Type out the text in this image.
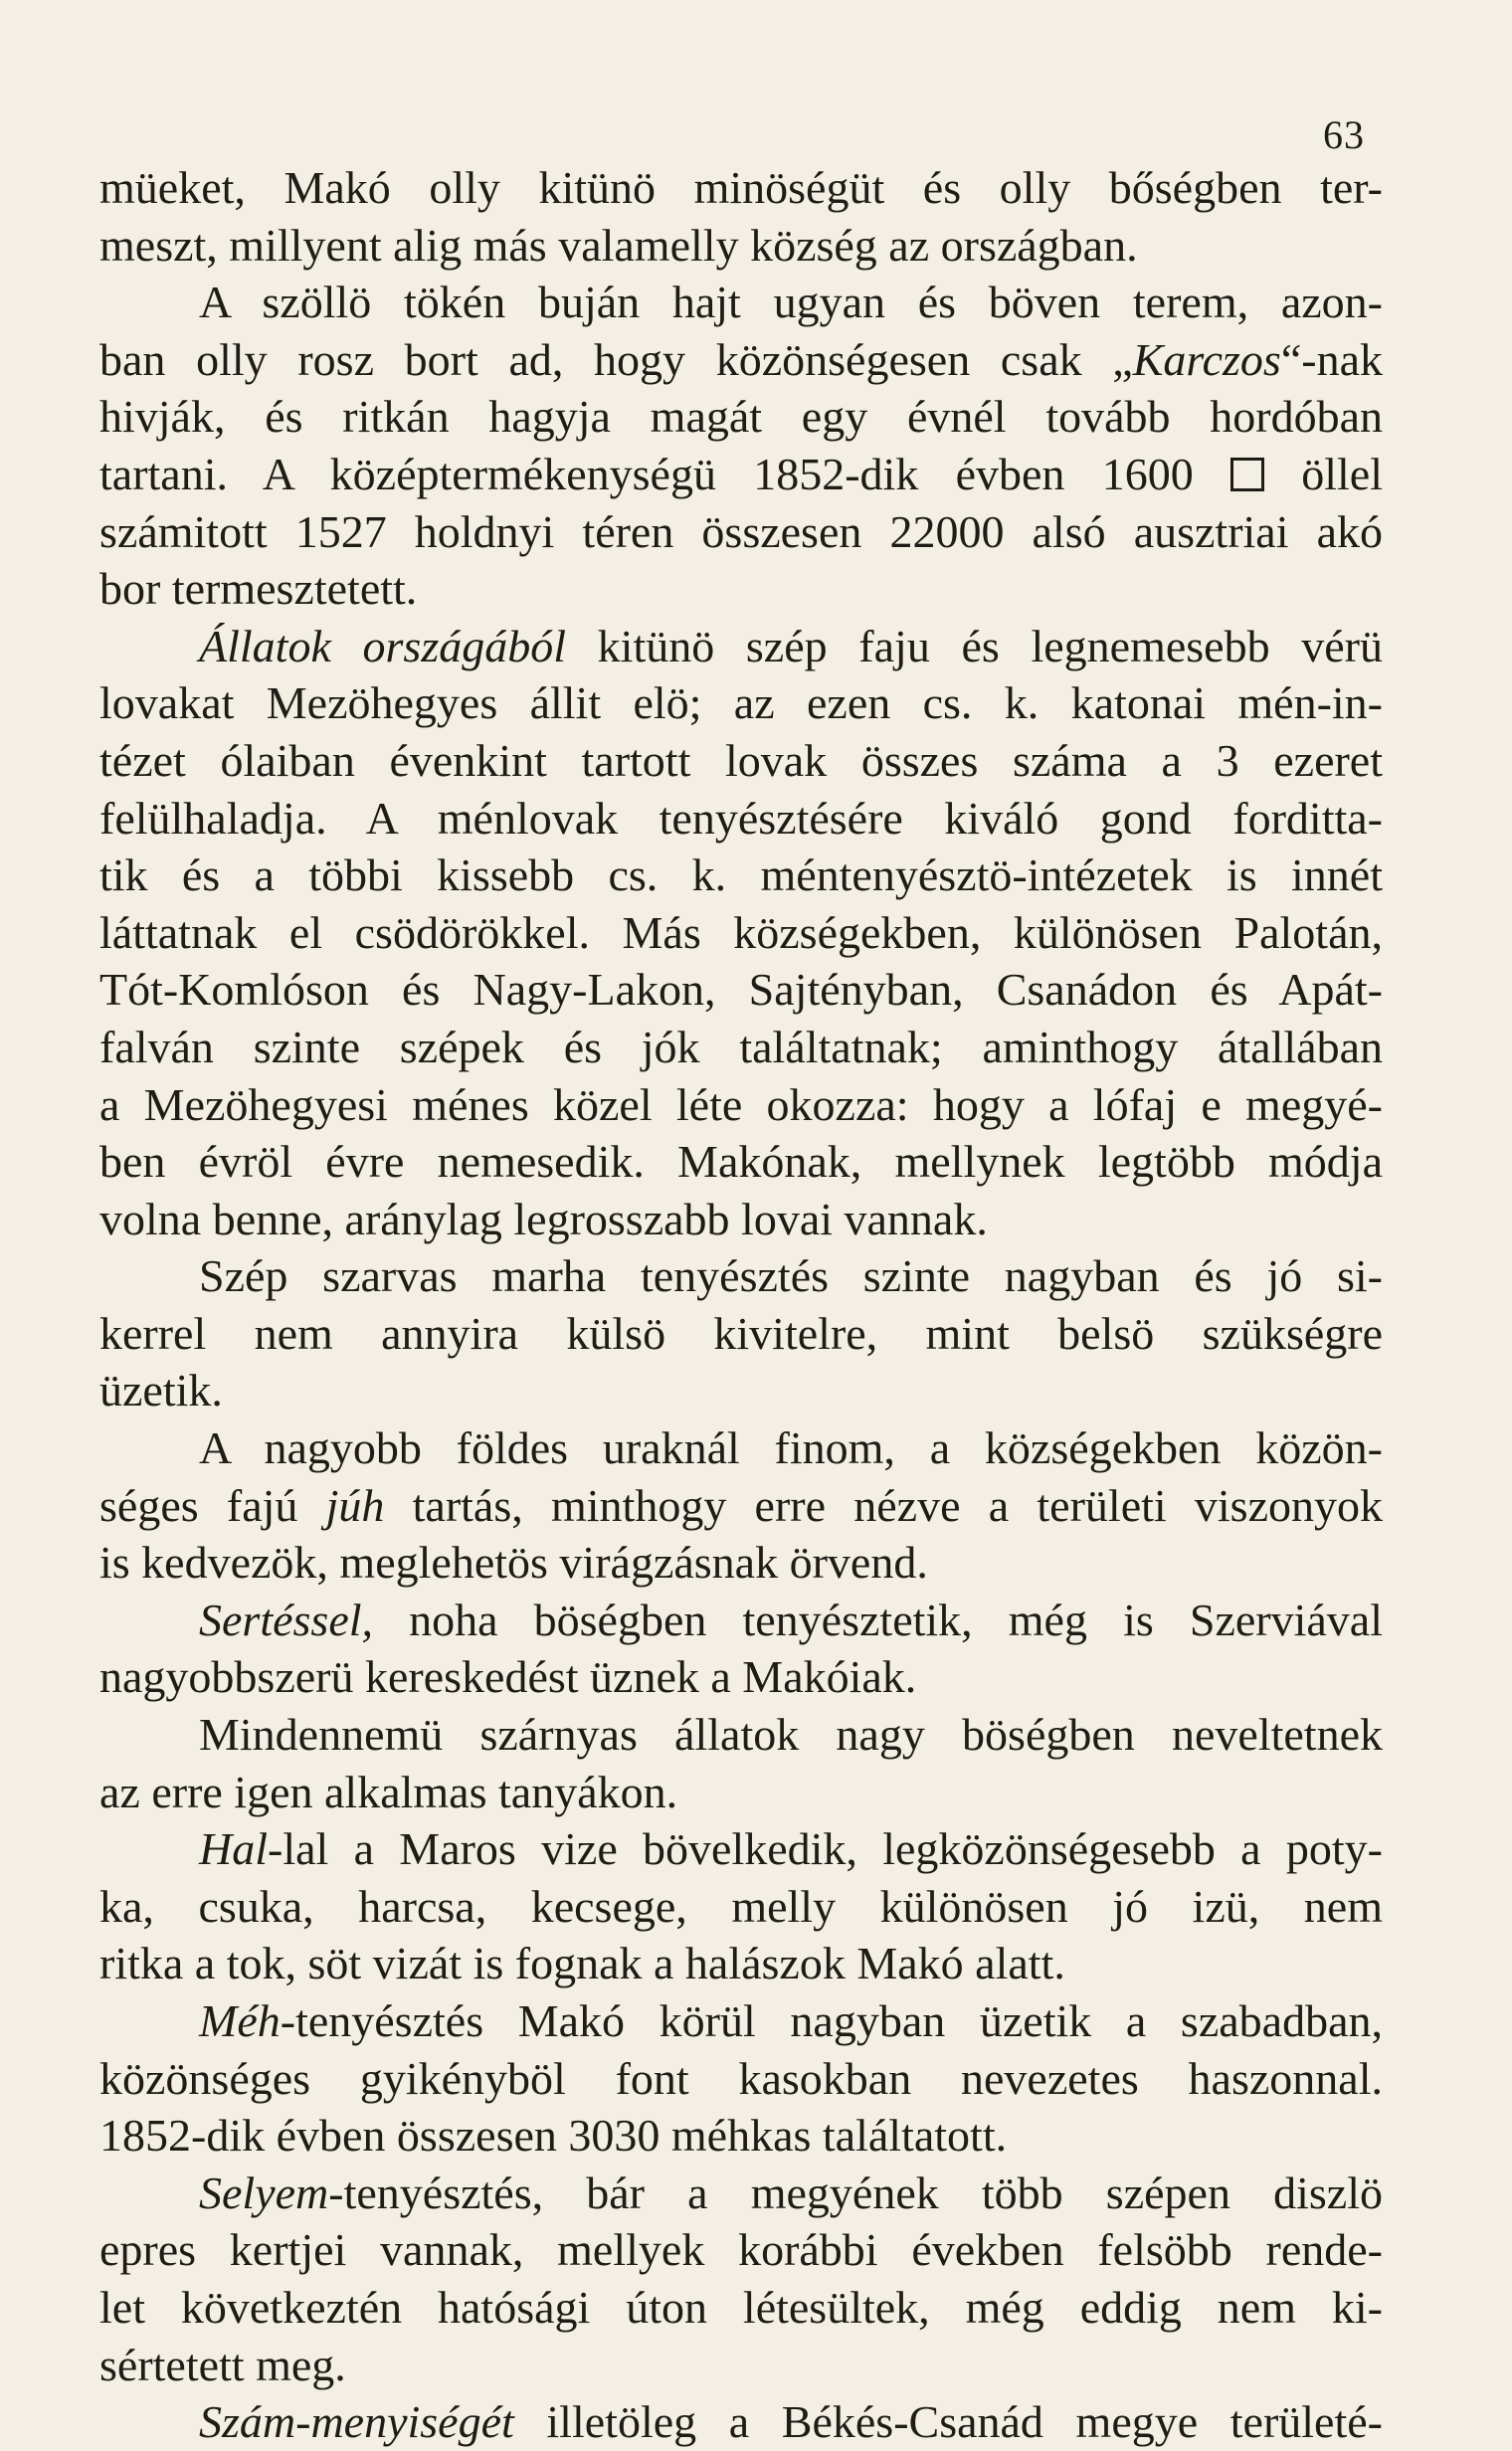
63
müeket, Makó olly kitünö minöségüt és olly bőségben ter-
meszt, millyent alig más valamelly község az országban.
A szöllö tökén buján hajt ugyan és böven terem, azon-
ban olly rosz bort ad, hogy közönségesen csak „Karczos“-nak
hivják, és ritkán hagyja magát egy évnél tovább hordóban
tartani. A középtermékenységü 1852-dik évben 1600  öllel
számitott 1527 holdnyi téren összesen 22000 alsó ausztriai akó
bor termesztetett.
Állatok országából kitünö szép faju és legnemesebb vérü
lovakat Mezöhegyes állit elö; az ezen cs. k. katonai mén-in-
tézet ólaiban évenkint tartott lovak összes száma a 3 ezeret
felülhaladja. A ménlovak tenyésztésére kiváló gond forditta-
tik és a többi kissebb cs. k. méntenyésztö-intézetek is innét
láttatnak el csödörökkel. Más községekben, különösen Palotán,
Tót-Komlóson és Nagy-Lakon, Sajtényban, Csanádon és Apát-
falván szinte szépek és jók találtatnak; aminthogy átallában
a Mezöhegyesi ménes közel léte okozza: hogy a lófaj e megyé-
ben évröl évre nemesedik. Makónak, mellynek legtöbb módja
volna benne, aránylag legrosszabb lovai vannak.
Szép szarvas marha tenyésztés szinte nagyban és jó si-
kerrel nem annyira külsö kivitelre, mint belsö szükségre
üzetik.
A nagyobb földes uraknál finom, a községekben közön-
séges fajú júh tartás, minthogy erre nézve a területi viszonyok
is kedvezök, meglehetös virágzásnak örvend.
Sertéssel, noha böségben tenyésztetik, még is Szerviával
nagyobbszerü kereskedést üznek a Makóiak.
Mindennemü szárnyas állatok nagy böségben neveltetnek
az erre igen alkalmas tanyákon.
Hal-lal a Maros vize bövelkedik, legközönségesebb a poty-
ka, csuka, harcsa, kecsege, melly különösen jó izü, nem
ritka a tok, söt vizát is fognak a halászok Makó alatt.
Méh-tenyésztés Makó körül nagyban üzetik a szabadban,
közönséges gyikényböl font kasokban nevezetes haszonnal.
1852-dik évben összesen 3030 méhkas találtatott.
Selyem-tenyésztés, bár a megyének több szépen diszlö
epres kertjei vannak, mellyek korábbi években felsöbb rende-
let következtén hatósági úton létesültek, még eddig nem ki-
sértetett meg.
Szám-menyiségét illetöleg a Békés-Csanád megye területé-
